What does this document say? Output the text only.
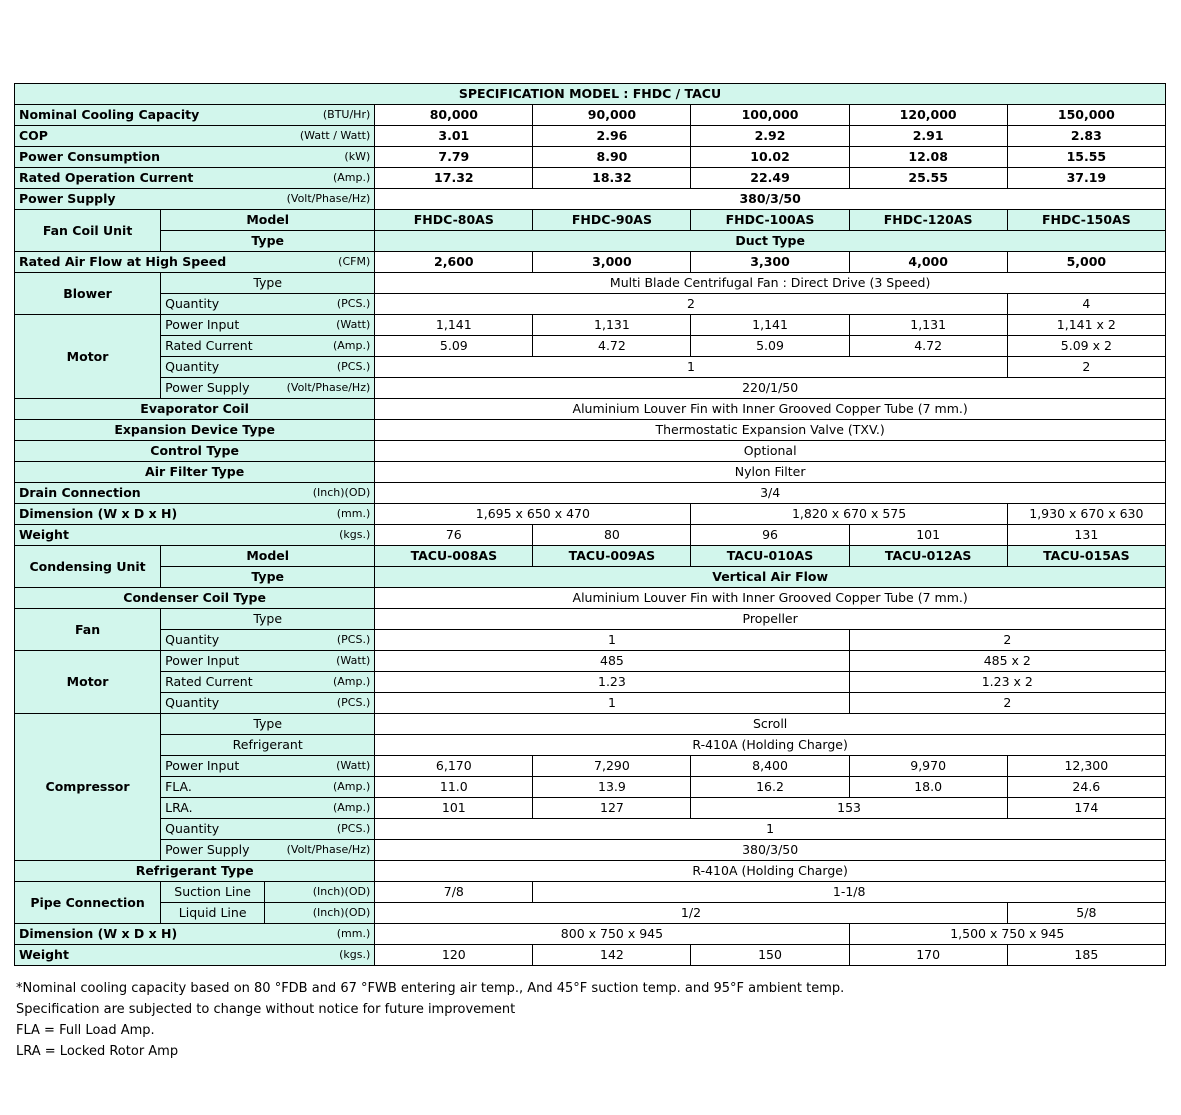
SPECIFICATION MODEL : FHDC / TACU							

Nominal Cooling Capacity (BTU/Hr)			80,000	90,000	100,000	120,000	150,000

COP (Watt / Watt)			3.01	2.96	2.92	2.91	2.83

Power Consumption (kW)			7.79	8.90	10.02	12.08	15.55

Rated Operation Current (Amp.)			17.32	18.32	22.49	25.55	37.19

Power Supply (Volt/Phase/Hz)			380/3/50				
Fan Coil Unit	Model		FHDC-80AS	FHDC-90AS	FHDC-100AS	FHDC-120AS	FHDC-150AS
	Type		Duct Type				

Rated Air Flow at High Speed (CFM)			2,600	3,000	3,300	4,000	5,000
Blower	Type		Multi Blade Centrifugal Fan : Direct Drive (3 Speed)				

	Quantity (PCS.)		2				4
Motor	Power Input (Watt)		1,141	1,131	1,141	1,131	1,141 x 2

	Rated Current (Amp.)		5.09	4.72	5.09	4.72	5.09 x 2

	Quantity (PCS.)		1				2

	Power Supply (Volt/Phase/Hz)		220/1/50				
Evaporator Coil			Aluminium Louver Fin with Inner Grooved Copper Tube (7 mm.)				
Expansion Device Type			Thermostatic Expansion Valve (TXV.)				
Control Type			Optional				
Air Filter Type			Nylon Filter				

Drain Connection (Inch)(OD)			3/4				

Dimension (W x D x H) (mm.)			1,695 x 650 x 470		1,820 x 670 x 575		1,930 x 670 x 630

Weight (kgs.)			76	80	96	101	131
Condensing Unit	Model		TACU-008AS	TACU-009AS	TACU-010AS	TACU-012AS	TACU-015AS
	Type		Vertical Air Flow				
Condenser Coil Type			Aluminium Louver Fin with Inner Grooved Copper Tube (7 mm.)				
Fan	Type		Propeller				

	Quantity (PCS.)		1			2	
Motor	Power Input (Watt)		485			485 x 2	

	Rated Current (Amp.)		1.23			1.23 x 2	

	Quantity (PCS.)		1			2	
Compressor	Type		Scroll				
	Refrigerant		R-410A (Holding Charge)				

	Power Input (Watt)		6,170	7,290	8,400	9,970	12,300

	FLA. (Amp.)		11.0	13.9	16.2	18.0	24.6

	LRA. (Amp.)		101	127	153		174

	Quantity (PCS.)		1				

	Power Supply (Volt/Phase/Hz)		380/3/50				
Refrigerant Type			R-410A (Holding Charge)				
Pipe Connection	Suction Line	(Inch)(OD)	7/8	1-1/8			
	Liquid Line	(Inch)(OD)	1/2				5/8

Dimension (W x D x H) (mm.)			800 x 750 x 945			1,500 x 750 x 945	

Weight (kgs.)			120	142	150	170	185
*Nominal cooling capacity based on 80 °FDB and 67 °FWB entering air temp., And 45°F suction temp. and 95°F ambient temp.
Specification are subjected to change without notice for future improvement
FLA = Full Load Amp.
LRA = Locked Rotor Amp
